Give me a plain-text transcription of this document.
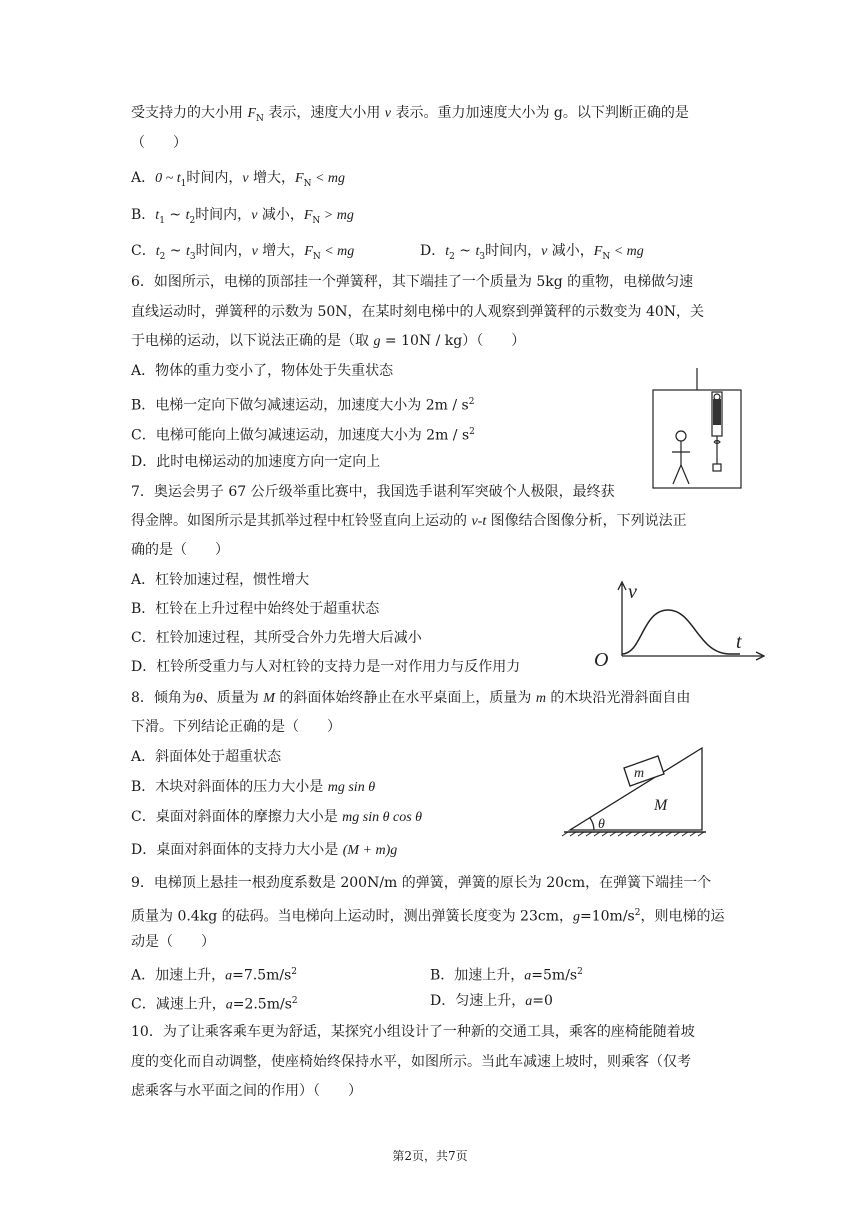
受支持力的大小用 $F_N$ 表示，速度大小用 v 表示。重力加速度大小为 g。以下判断正确的是
（　　）
A．0 ~ $t_1$时间内，v 增大，$F_N$ < mg
B．$t_1$ ~ $t_2$时间内，v 减小，$F_N$ > mg
C．$t_2$ ~ $t_3$时间内，v 增大，$F_N$ < mg	D．$t_2$ ~ $t_3$时间内，v 减小，$F_N$ < mg
6．如图所示，电梯的顶部挂一个弹簧秤，其下端挂了一个质量为 5kg 的重物，电梯做匀速
直线运动时，弹簧秤的示数为 50N，在某时刻电梯中的人观察到弹簧秤的示数变为 40N，关
于电梯的运动，以下说法正确的是（取 g = 10N / kg）（　　）
A．物体的重力变小了，物体处于失重状态
B．电梯一定向下做匀减速运动，加速度大小为 $2m / s^2$
C．电梯可能向上做匀减速运动，加速度大小为 $2m / s^2$
D．此时电梯运动的加速度方向一定向上
7．奥运会男子 67 公斤级举重比赛中，我国选手谌利军突破个人极限，最终获
得金牌。如图所示是其抓举过程中杠铃竖直向上运动的 v-t 图像结合图像分析，下列说法正
确的是（　　）
A．杠铃加速过程，惯性增大
B．杠铃在上升过程中始终处于超重状态
C．杠铃加速过程，其所受合外力先增大后减小
D．杠铃所受重力与人对杠铃的支持力是一对作用力与反作用力
v
t
O
8．倾角为θ、质量为 M 的斜面体始终静止在水平桌面上，质量为 m 的木块沿光滑斜面自由
下滑。下列结论正确的是（　　）
A．斜面体处于超重状态
B．木块对斜面体的压力大小是 mg sin θ
C．桌面对斜面体的摩擦力大小是 mg sin θ cos θ
D．桌面对斜面体的支持力大小是 (M + m)g
m
M
θ
9．电梯顶上悬挂一根劲度系数是 200N/m 的弹簧，弹簧的原长为 20cm，在弹簧下端挂一个
质量为 0.4kg 的砝码。当电梯向上运动时，测出弹簧长度变为 23cm，$g=10m/s^2$，则电梯的运
动是（　　）
A．加速上升，$a=7.5m/s^2$	B．加速上升，$a=5m/s^2$
C．减速上升，$a=2.5m/s^2$	D．匀速上升，a=0
10．为了让乘客乘车更为舒适，某探究小组设计了一种新的交通工具，乘客的座椅能随着坡
度的变化而自动调整，使座椅始终保持水平，如图所示。当此车减速上坡时，则乘客（仅考
虑乘客与水平面之间的作用）（　　）
第2页，共7页
